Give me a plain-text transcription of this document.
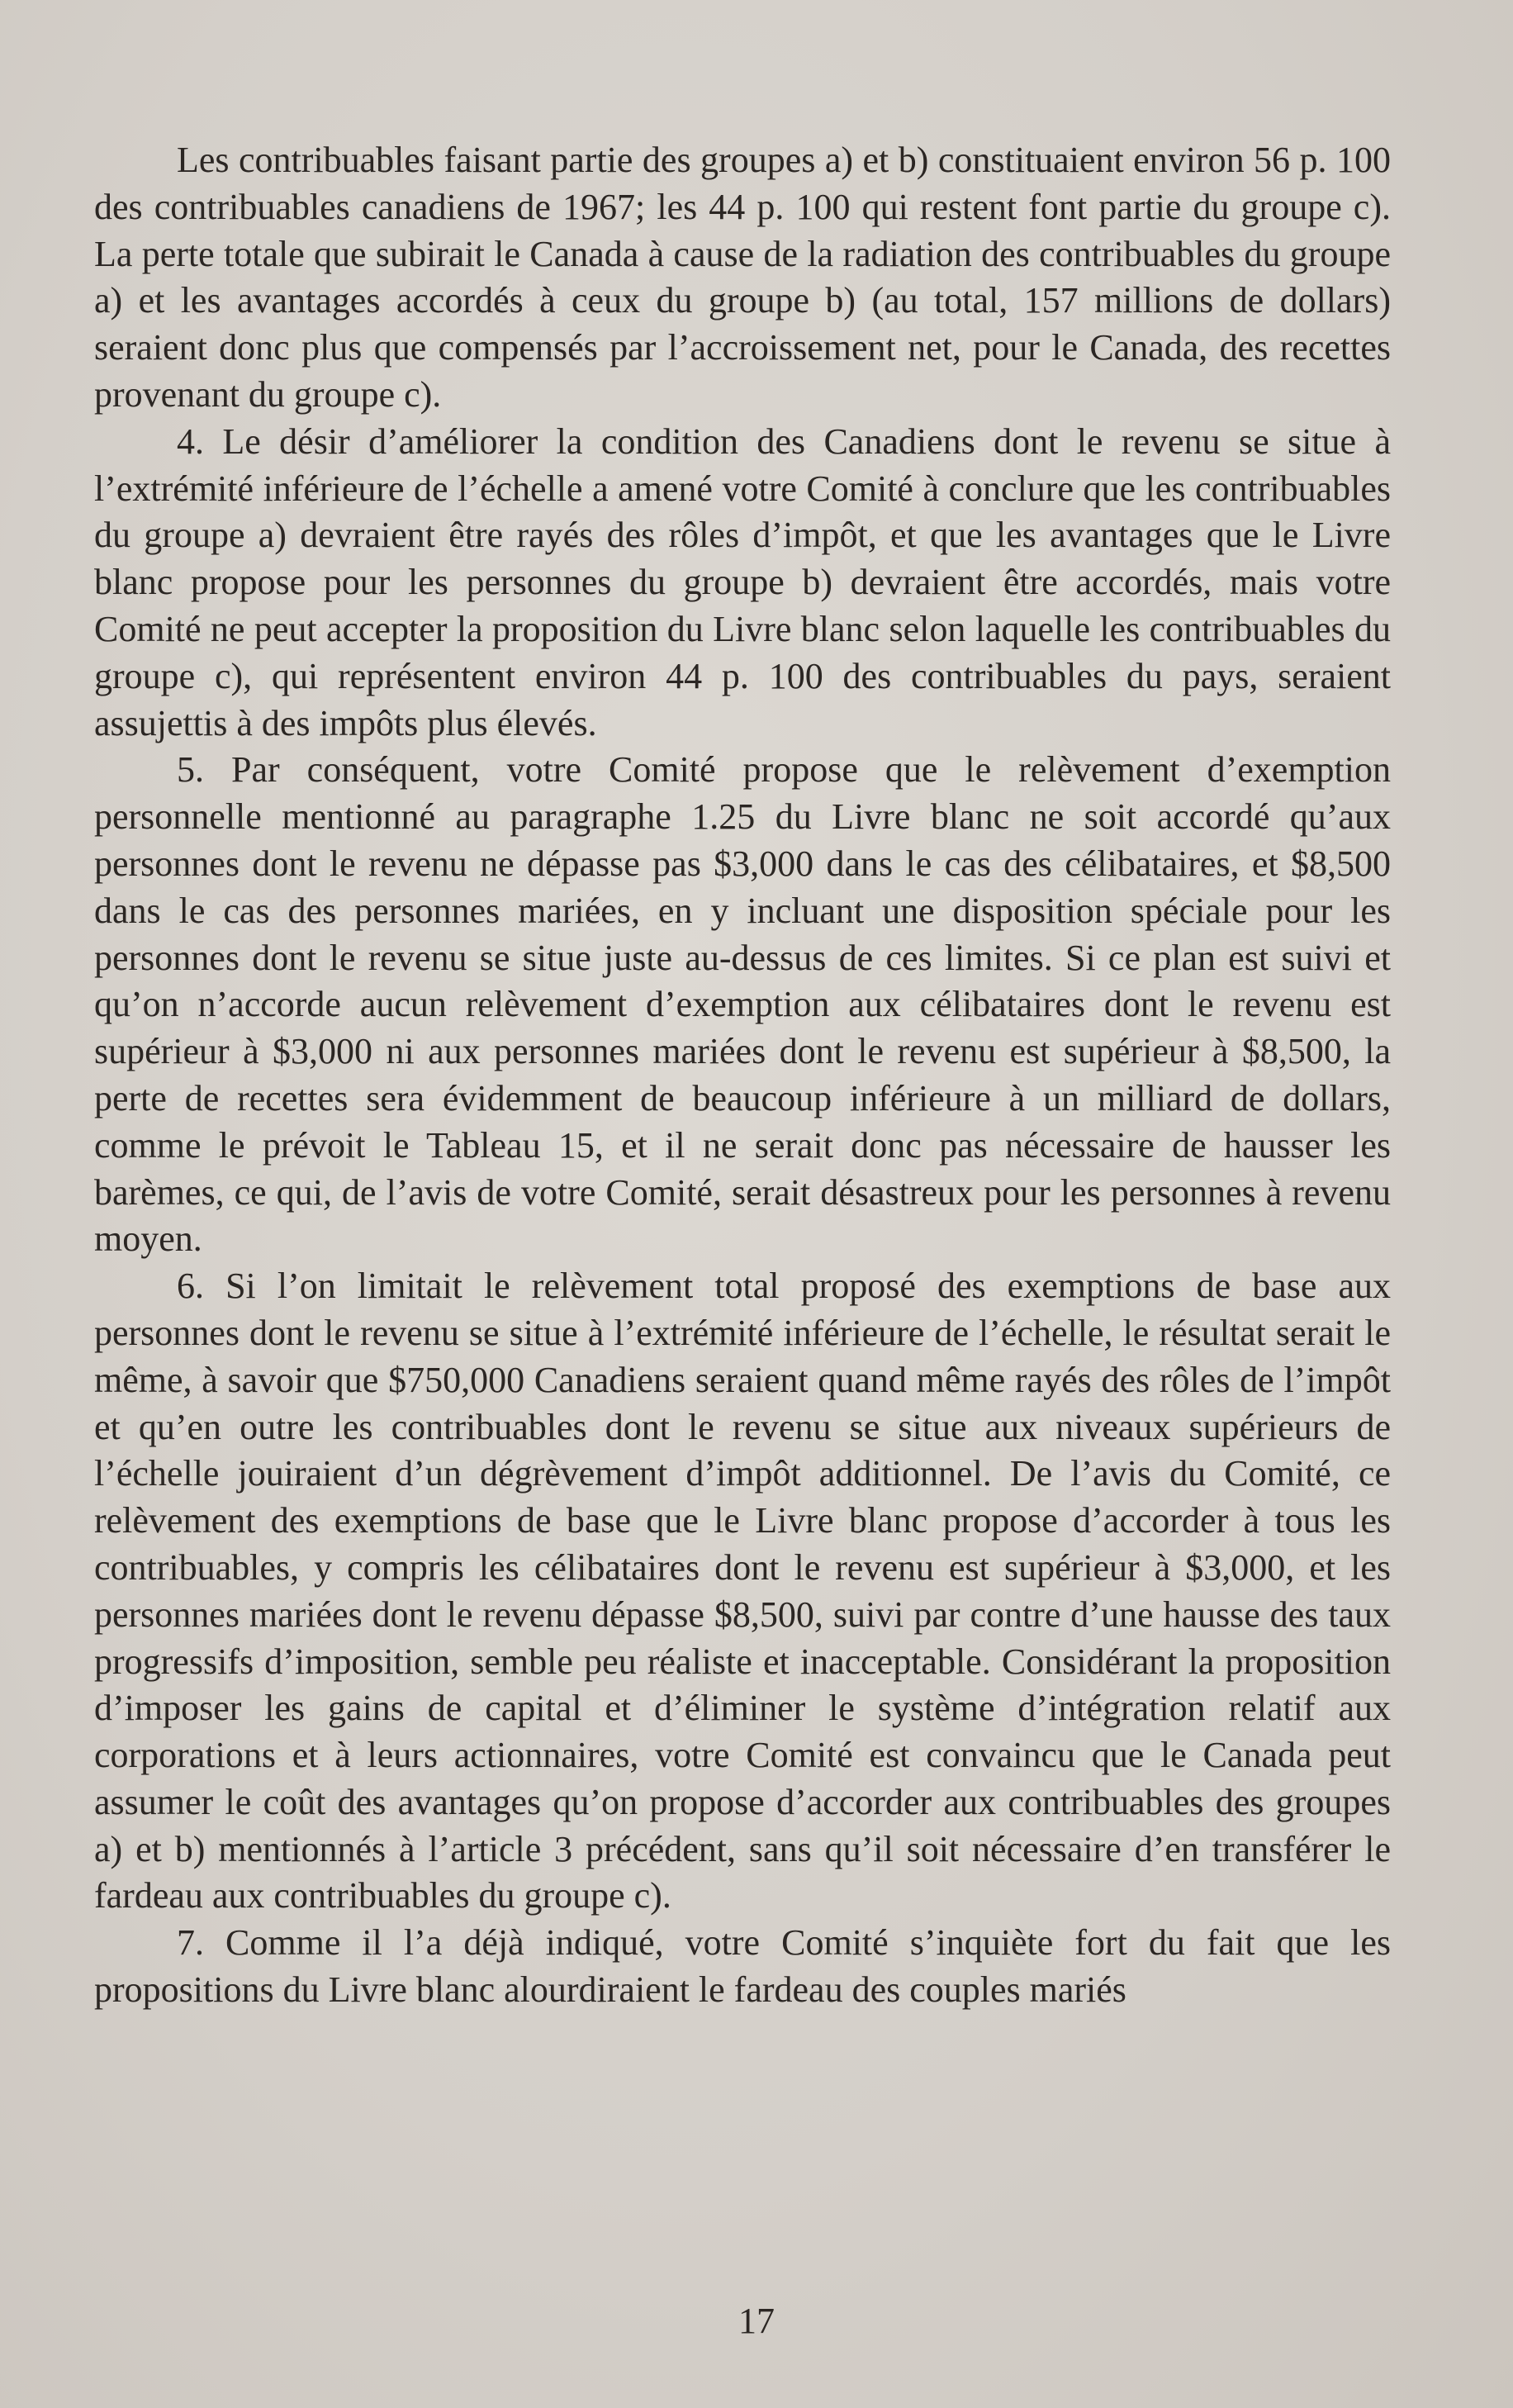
Les contribuables faisant partie des groupes a) et b) constituaient environ 56 p. 100 des contribuables canadiens de 1967; les 44 p. 100 qui restent font partie du groupe c). La perte totale que subirait le Canada à cause de la radiation des contribuables du groupe a) et les avantages accordés à ceux du groupe b) (au total, 157 millions de dollars) seraient donc plus que compensés par l’accroissement net, pour le Canada, des recettes provenant du groupe c).

4. Le désir d’améliorer la condition des Canadiens dont le revenu se situe à l’extrémité inférieure de l’échelle a amené votre Comité à conclure que les contribuables du groupe a) devraient être rayés des rôles d’impôt, et que les avantages que le Livre blanc propose pour les personnes du groupe b) devraient être accordés, mais votre Comité ne peut accepter la proposition du Livre blanc selon laquelle les contribuables du groupe c), qui représentent environ 44 p. 100 des contribuables du pays, seraient assujettis à des impôts plus élevés.

5. Par conséquent, votre Comité propose que le relèvement d’exemption personnelle mentionné au paragraphe 1.25 du Livre blanc ne soit accordé qu’aux personnes dont le revenu ne dépasse pas $3,000 dans le cas des célibataires, et $8,500 dans le cas des personnes mariées, en y incluant une disposition spéciale pour les personnes dont le revenu se situe juste au-dessus de ces limites. Si ce plan est suivi et qu’on n’accorde aucun relèvement d’exemption aux célibataires dont le revenu est supérieur à $3,000 ni aux personnes mariées dont le revenu est supérieur à $8,500, la perte de recettes sera évidemment de beaucoup inférieure à un milliard de dollars, comme le prévoit le Tableau 15, et il ne serait donc pas nécessaire de hausser les barèmes, ce qui, de l’avis de votre Comité, serait désastreux pour les personnes à revenu moyen.

6. Si l’on limitait le relèvement total proposé des exemptions de base aux personnes dont le revenu se situe à l’extrémité inférieure de l’échelle, le résultat serait le même, à savoir que $750,000 Canadiens seraient quand même rayés des rôles de l’impôt et qu’en outre les contribuables dont le revenu se situe aux niveaux supérieurs de l’échelle jouiraient d’un dégrèvement d’impôt additionnel. De l’avis du Comité, ce relèvement des exemptions de base que le Livre blanc propose d’accorder à tous les contribuables, y compris les célibataires dont le revenu est supérieur à $3,000, et les personnes mariées dont le revenu dépasse $8,500, suivi par contre d’une hausse des taux progressifs d’imposition, semble peu réaliste et inacceptable. Considérant la proposition d’imposer les gains de capital et d’éliminer le système d’intégration relatif aux corporations et à leurs actionnaires, votre Comité est convaincu que le Canada peut assumer le coût des avantages qu’on propose d’accorder aux contribuables des groupes a) et b) mentionnés à l’article 3 précédent, sans qu’il soit nécessaire d’en transférer le fardeau aux contribuables du groupe c).

7. Comme il l’a déjà indiqué, votre Comité s’inquiète fort du fait que les propositions du Livre blanc alourdiraient le fardeau des couples mariés

17
